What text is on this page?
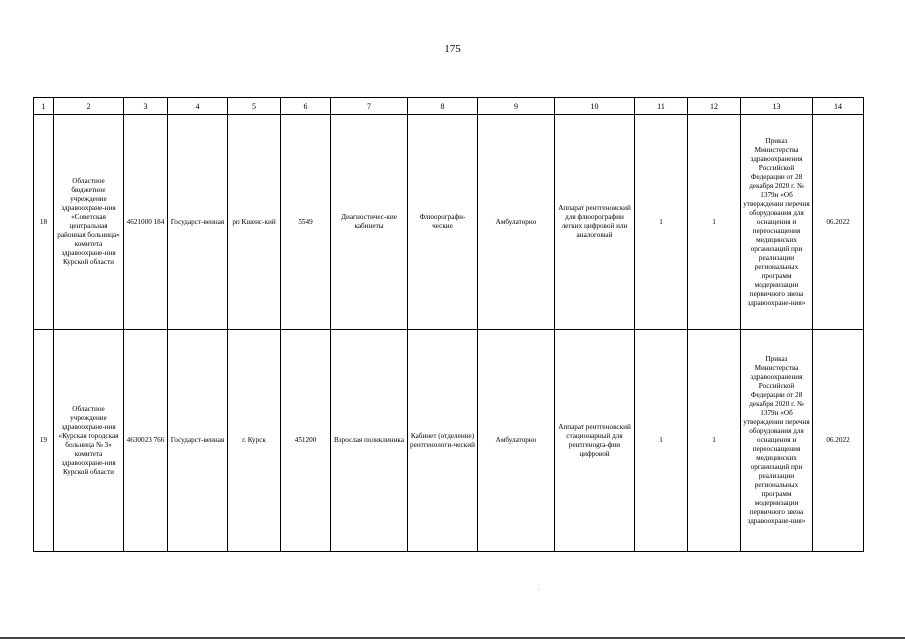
175
1	2	3	4	5	6	7	8	9	10	11	12	13	14
18	Областное бюджетное учреждение здравоохране-ния «Советская центральная районная больница» комитета здравоохране-ния Курской области	4621000 184	Государст-венная	рп Кшенс-кий	5549	Диагностичес-кие кабинеты	Флюорографи-ческие	Амбулаторно	Аппарат рентгеновский для флюорографии легких цифровой или аналоговый	1	1	Приказ Министерства здравоохранения Российской Федерации от 28 декабря 2020 г. № 1379н «Об утверждении перечня оборудования для оснащения и переоснащения медицинских организаций при реализации региональных программ модернизации первичного звена здравоохране-ния»	06.2022
19	Областное учреждение здравоохране-ния «Курская городская больница № 3» комитета здравоохране-ния Курской области	4630023 766	Государст-венная	г. Курск	451200	Взрослая поликлиника	Кабинет (отделение) рентгенологи-ческий	Амбулаторно	Аппарат рентгеновский стационарный для рентгенogra-фии цифровой	1	1	Приказ Министерства здравоохранения Российской Федерации от 28 декабря 2020 г. № 1379н «Об утверждении перечня оборудования для оснащения и переоснащения медицинских организаций при реализации региональных программ модернизации первичного звена здравоохране-ния»	06.2022
